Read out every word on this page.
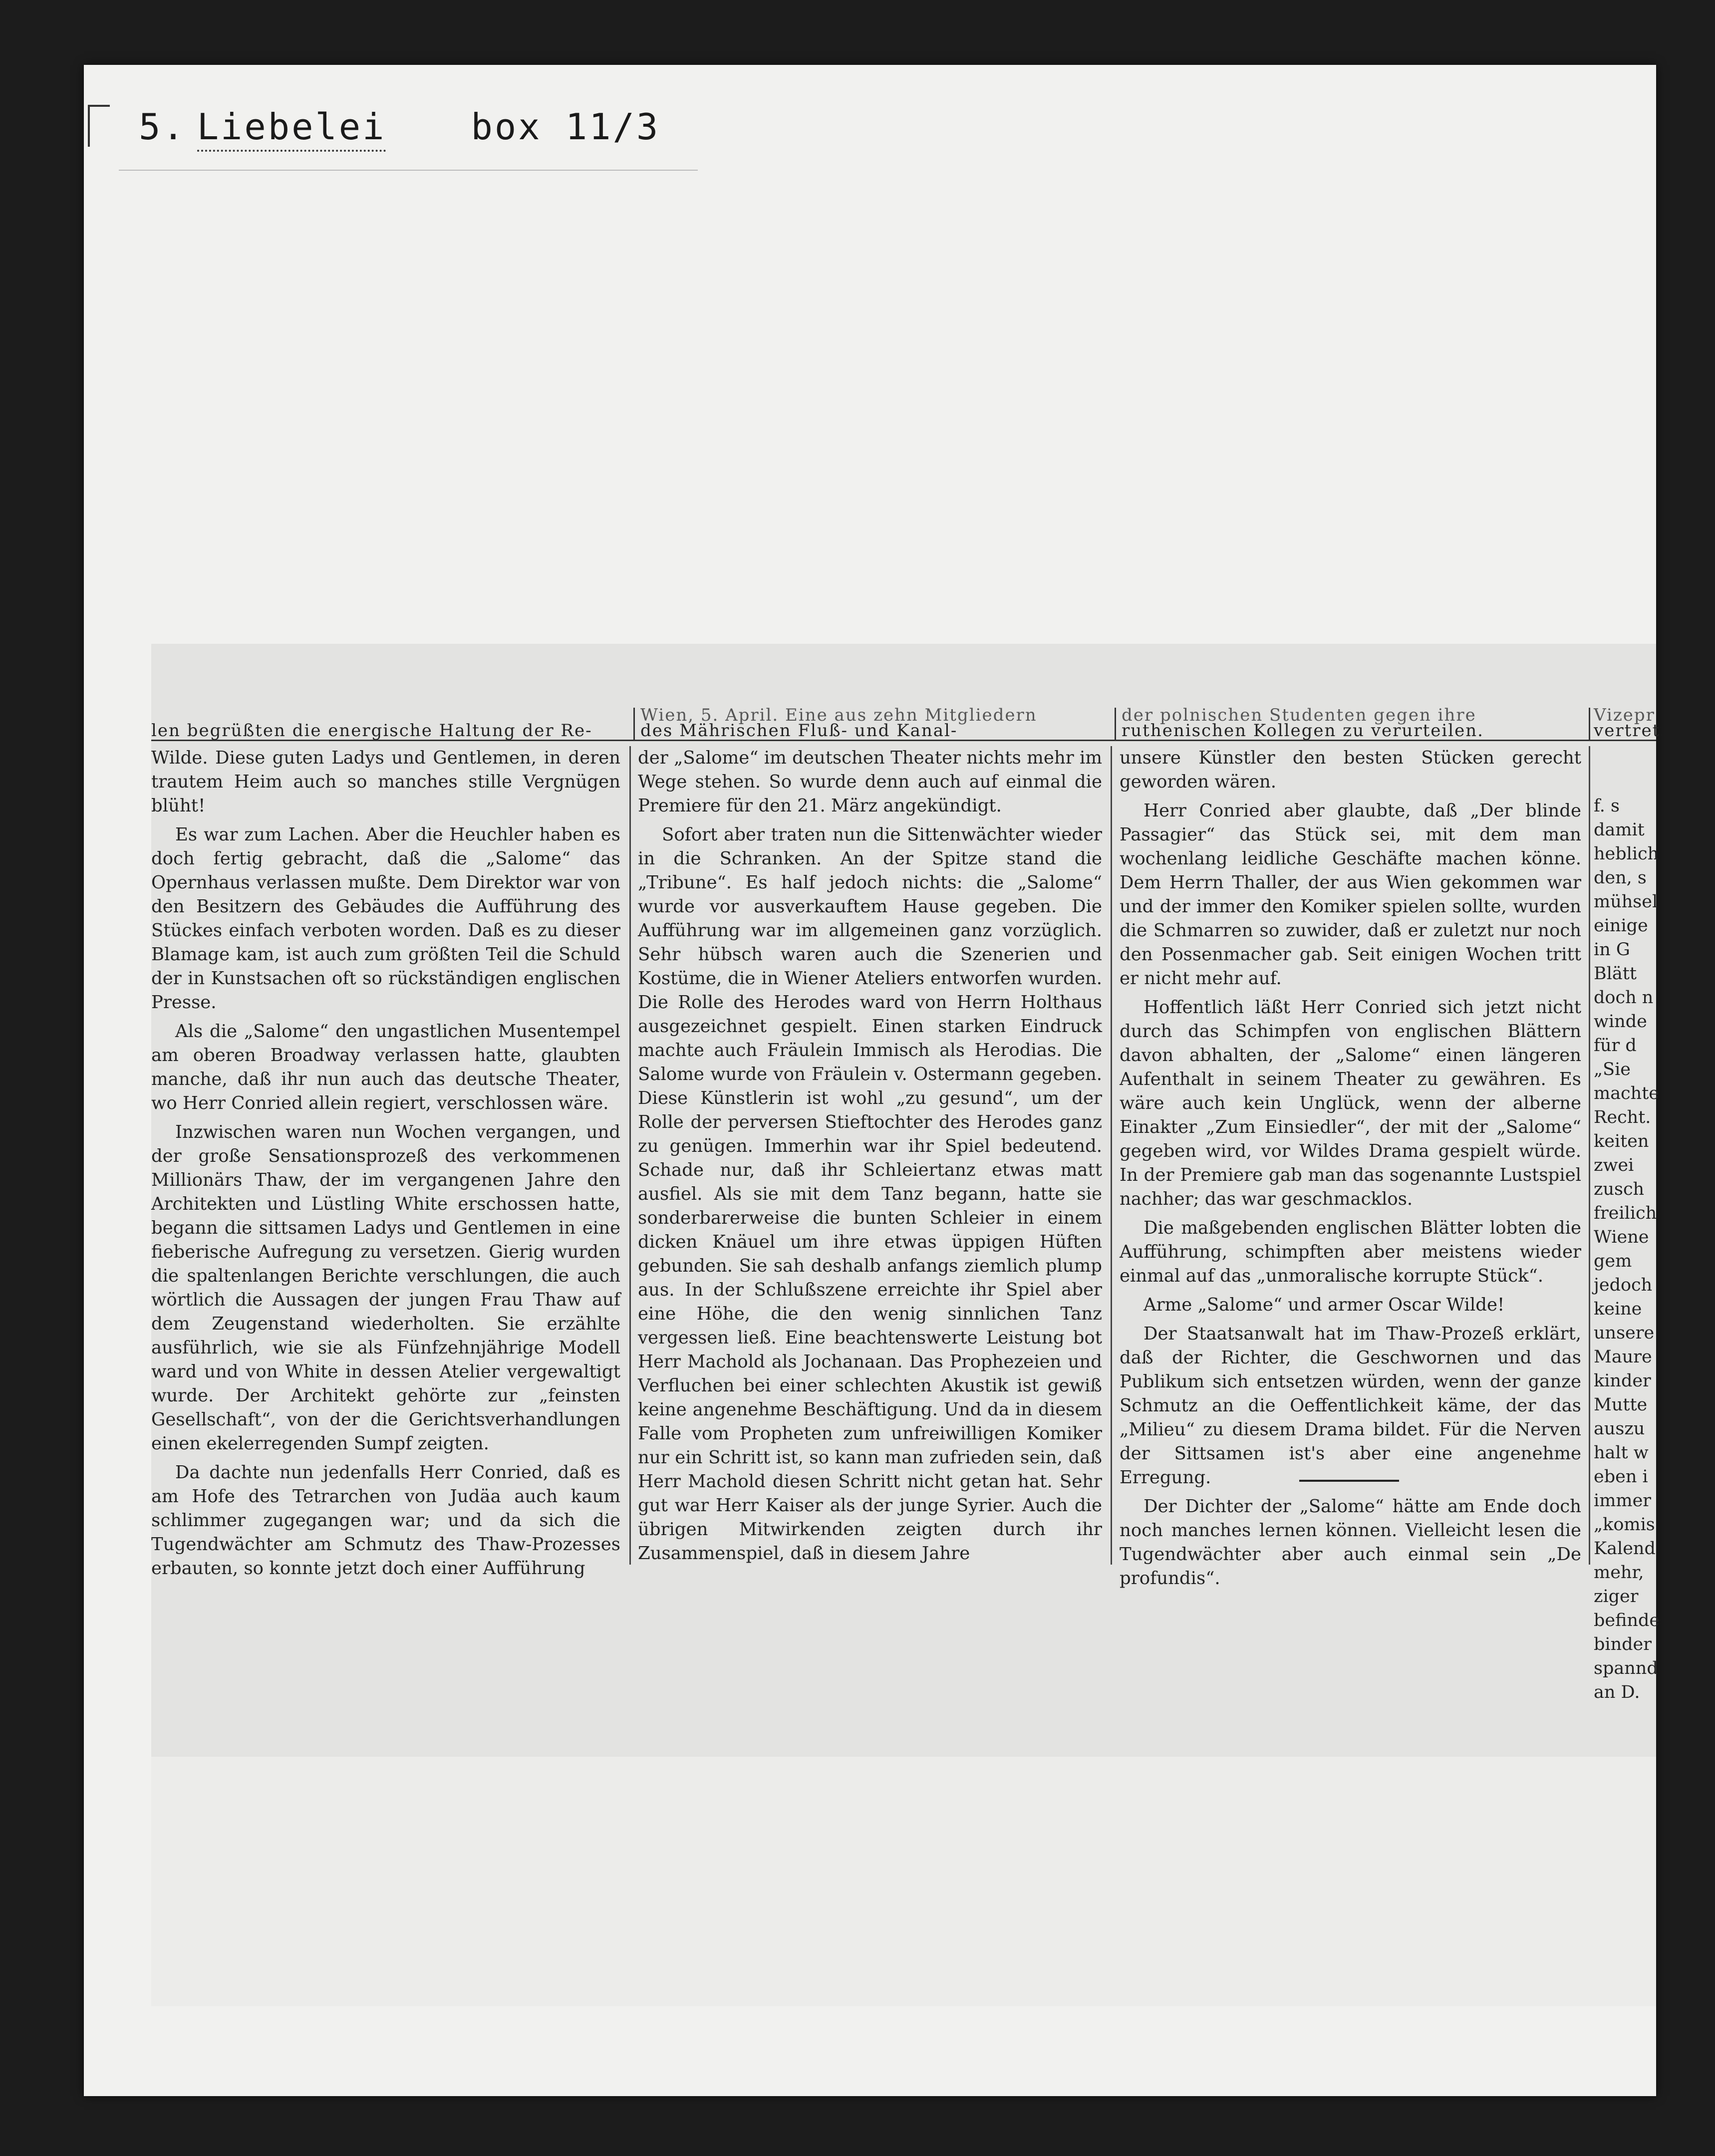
5. Liebelei box 11/3
len begrüßten die energische Haltung der Re-
Wien, 5. April. Eine aus zehn Mitgliedern
des Mährischen Fluß- und Kanal-
der polnischen Studenten gegen ihre
ruthenischen Kollegen zu verurteilen.
Vizepr
vertret

Wilde. Diese guten Ladys und Gentlemen, in deren trautem Heim auch so manches stille Vergnügen blüht!

Es war zum Lachen. Aber die Heuchler haben es doch fertig gebracht, daß die „Salome“ das Opernhaus verlassen mußte. Dem Direktor war von den Besitzern des Gebäudes die Aufführung des Stückes einfach verboten worden. Daß es zu dieser Blamage kam, ist auch zum größten Teil die Schuld der in Kunstsachen oft so rückständigen englischen Presse.

Als die „Salome“ den ungastlichen Musentempel am oberen Broadway verlassen hatte, glaubten manche, daß ihr nun auch das deutsche Theater, wo Herr Conried allein regiert, verschlossen wäre.

Inzwischen waren nun Wochen vergangen, und der große Sensationsprozeß des verkommenen Millionärs Thaw, der im vergangenen Jahre den Architekten und Lüstling White erschossen hatte, begann die sittsamen Ladys und Gentlemen in eine fieberische Aufregung zu versetzen. Gierig wurden die spaltenlangen Berichte verschlungen, die auch wörtlich die Aussagen der jungen Frau Thaw auf dem Zeugenstand wiederholten. Sie erzählte ausführlich, wie sie als Fünfzehnjährige Modell ward und von White in dessen Atelier vergewaltigt wurde. Der Architekt gehörte zur „feinsten Gesellschaft“, von der die Gerichtsverhandlungen einen ekelerregenden Sumpf zeigten.

Da dachte nun jedenfalls Herr Conried, daß es am Hofe des Tetrarchen von Judäa auch kaum schlimmer zugegangen war; und da sich die Tugendwächter am Schmutz des Thaw-Prozesses erbauten, so konnte jetzt doch einer Aufführung

der „Salome“ im deutschen Theater nichts mehr im Wege stehen. So wurde denn auch auf einmal die Premiere für den 21. März angekündigt.

Sofort aber traten nun die Sittenwächter wieder in die Schranken. An der Spitze stand die „Tribune“. Es half jedoch nichts: die „Salome“ wurde vor ausverkauftem Hause gegeben. Die Aufführung war im allgemeinen ganz vorzüglich. Sehr hübsch waren auch die Szenerien und Kostüme, die in Wiener Ateliers entworfen wurden. Die Rolle des Herodes ward von Herrn Holthaus ausgezeichnet gespielt. Einen starken Eindruck machte auch Fräulein Immisch als Herodias. Die Salome wurde von Fräulein v. Ostermann gegeben. Diese Künstlerin ist wohl „zu gesund“, um der Rolle der perversen Stieftochter des Herodes ganz zu genügen. Immerhin war ihr Spiel bedeutend. Schade nur, daß ihr Schleiertanz etwas matt ausfiel. Als sie mit dem Tanz begann, hatte sie sonderbarerweise die bunten Schleier in einem dicken Knäuel um ihre etwas üppigen Hüften gebunden. Sie sah deshalb anfangs ziemlich plump aus. In der Schlußszene erreichte ihr Spiel aber eine Höhe, die den wenig sinnlichen Tanz vergessen ließ. Eine beachtenswerte Leistung bot Herr Machold als Jochanaan. Das Prophezeien und Verfluchen bei einer schlechten Akustik ist gewiß keine angenehme Beschäftigung. Und da in diesem Falle vom Propheten zum unfreiwilligen Komiker nur ein Schritt ist, so kann man zufrieden sein, daß Herr Machold diesen Schritt nicht getan hat. Sehr gut war Herr Kaiser als der junge Syrier. Auch die übrigen Mitwirkenden zeigten durch ihr Zusammenspiel, daß in diesem Jahre

unsere Künstler den besten Stücken gerecht geworden wären.

Herr Conried aber glaubte, daß „Der blinde Passagier“ das Stück sei, mit dem man wochenlang leidliche Geschäfte machen könne. Dem Herrn Thaller, der aus Wien gekommen war und der immer den Komiker spielen sollte, wurden die Schmarren so zuwider, daß er zuletzt nur noch den Possenmacher gab. Seit einigen Wochen tritt er nicht mehr auf.

Hoffentlich läßt Herr Conried sich jetzt nicht durch das Schimpfen von englischen Blättern davon abhalten, der „Salome“ einen längeren Aufenthalt in seinem Theater zu gewähren. Es wäre auch kein Unglück, wenn der alberne Einakter „Zum Einsiedler“, der mit der „Salome“ gegeben wird, vor Wildes Drama gespielt würde. In der Premiere gab man das sogenannte Lustspiel nachher; das war geschmacklos.

Die maßgebenden englischen Blätter lobten die Aufführung, schimpften aber meistens wieder einmal auf das „unmoralische korrupte Stück“.

Arme „Salome“ und armer Oscar Wilde!

Der Staatsanwalt hat im Thaw-Prozeß erklärt, daß der Richter, die Geschwornen und das Publikum sich entsetzen würden, wenn der ganze Schmutz an die Oeffentlichkeit käme, der das „Milieu“ zu diesem Drama bildet. Für die Nerven der Sittsamen ist's aber eine angenehme Erregung.

Der Dichter der „Salome“ hätte am Ende doch noch manches lernen können. Vielleicht lesen die Tugendwächter aber auch einmal sein „De profundis“.

f. s
damit
heblich
den, s
mühsel
einige
in G
Blätt
doch n
winde
für d
„Sie
machte
Recht.
keiten
zwei
zusch
freilich
Wiene
gem
jedoch
keine
unsere
Maure
kinder
Mutte
auszu
halt w
eben i
immer
„komis
Kalend
mehr,
ziger
befinde
binder
spannd
an D.
